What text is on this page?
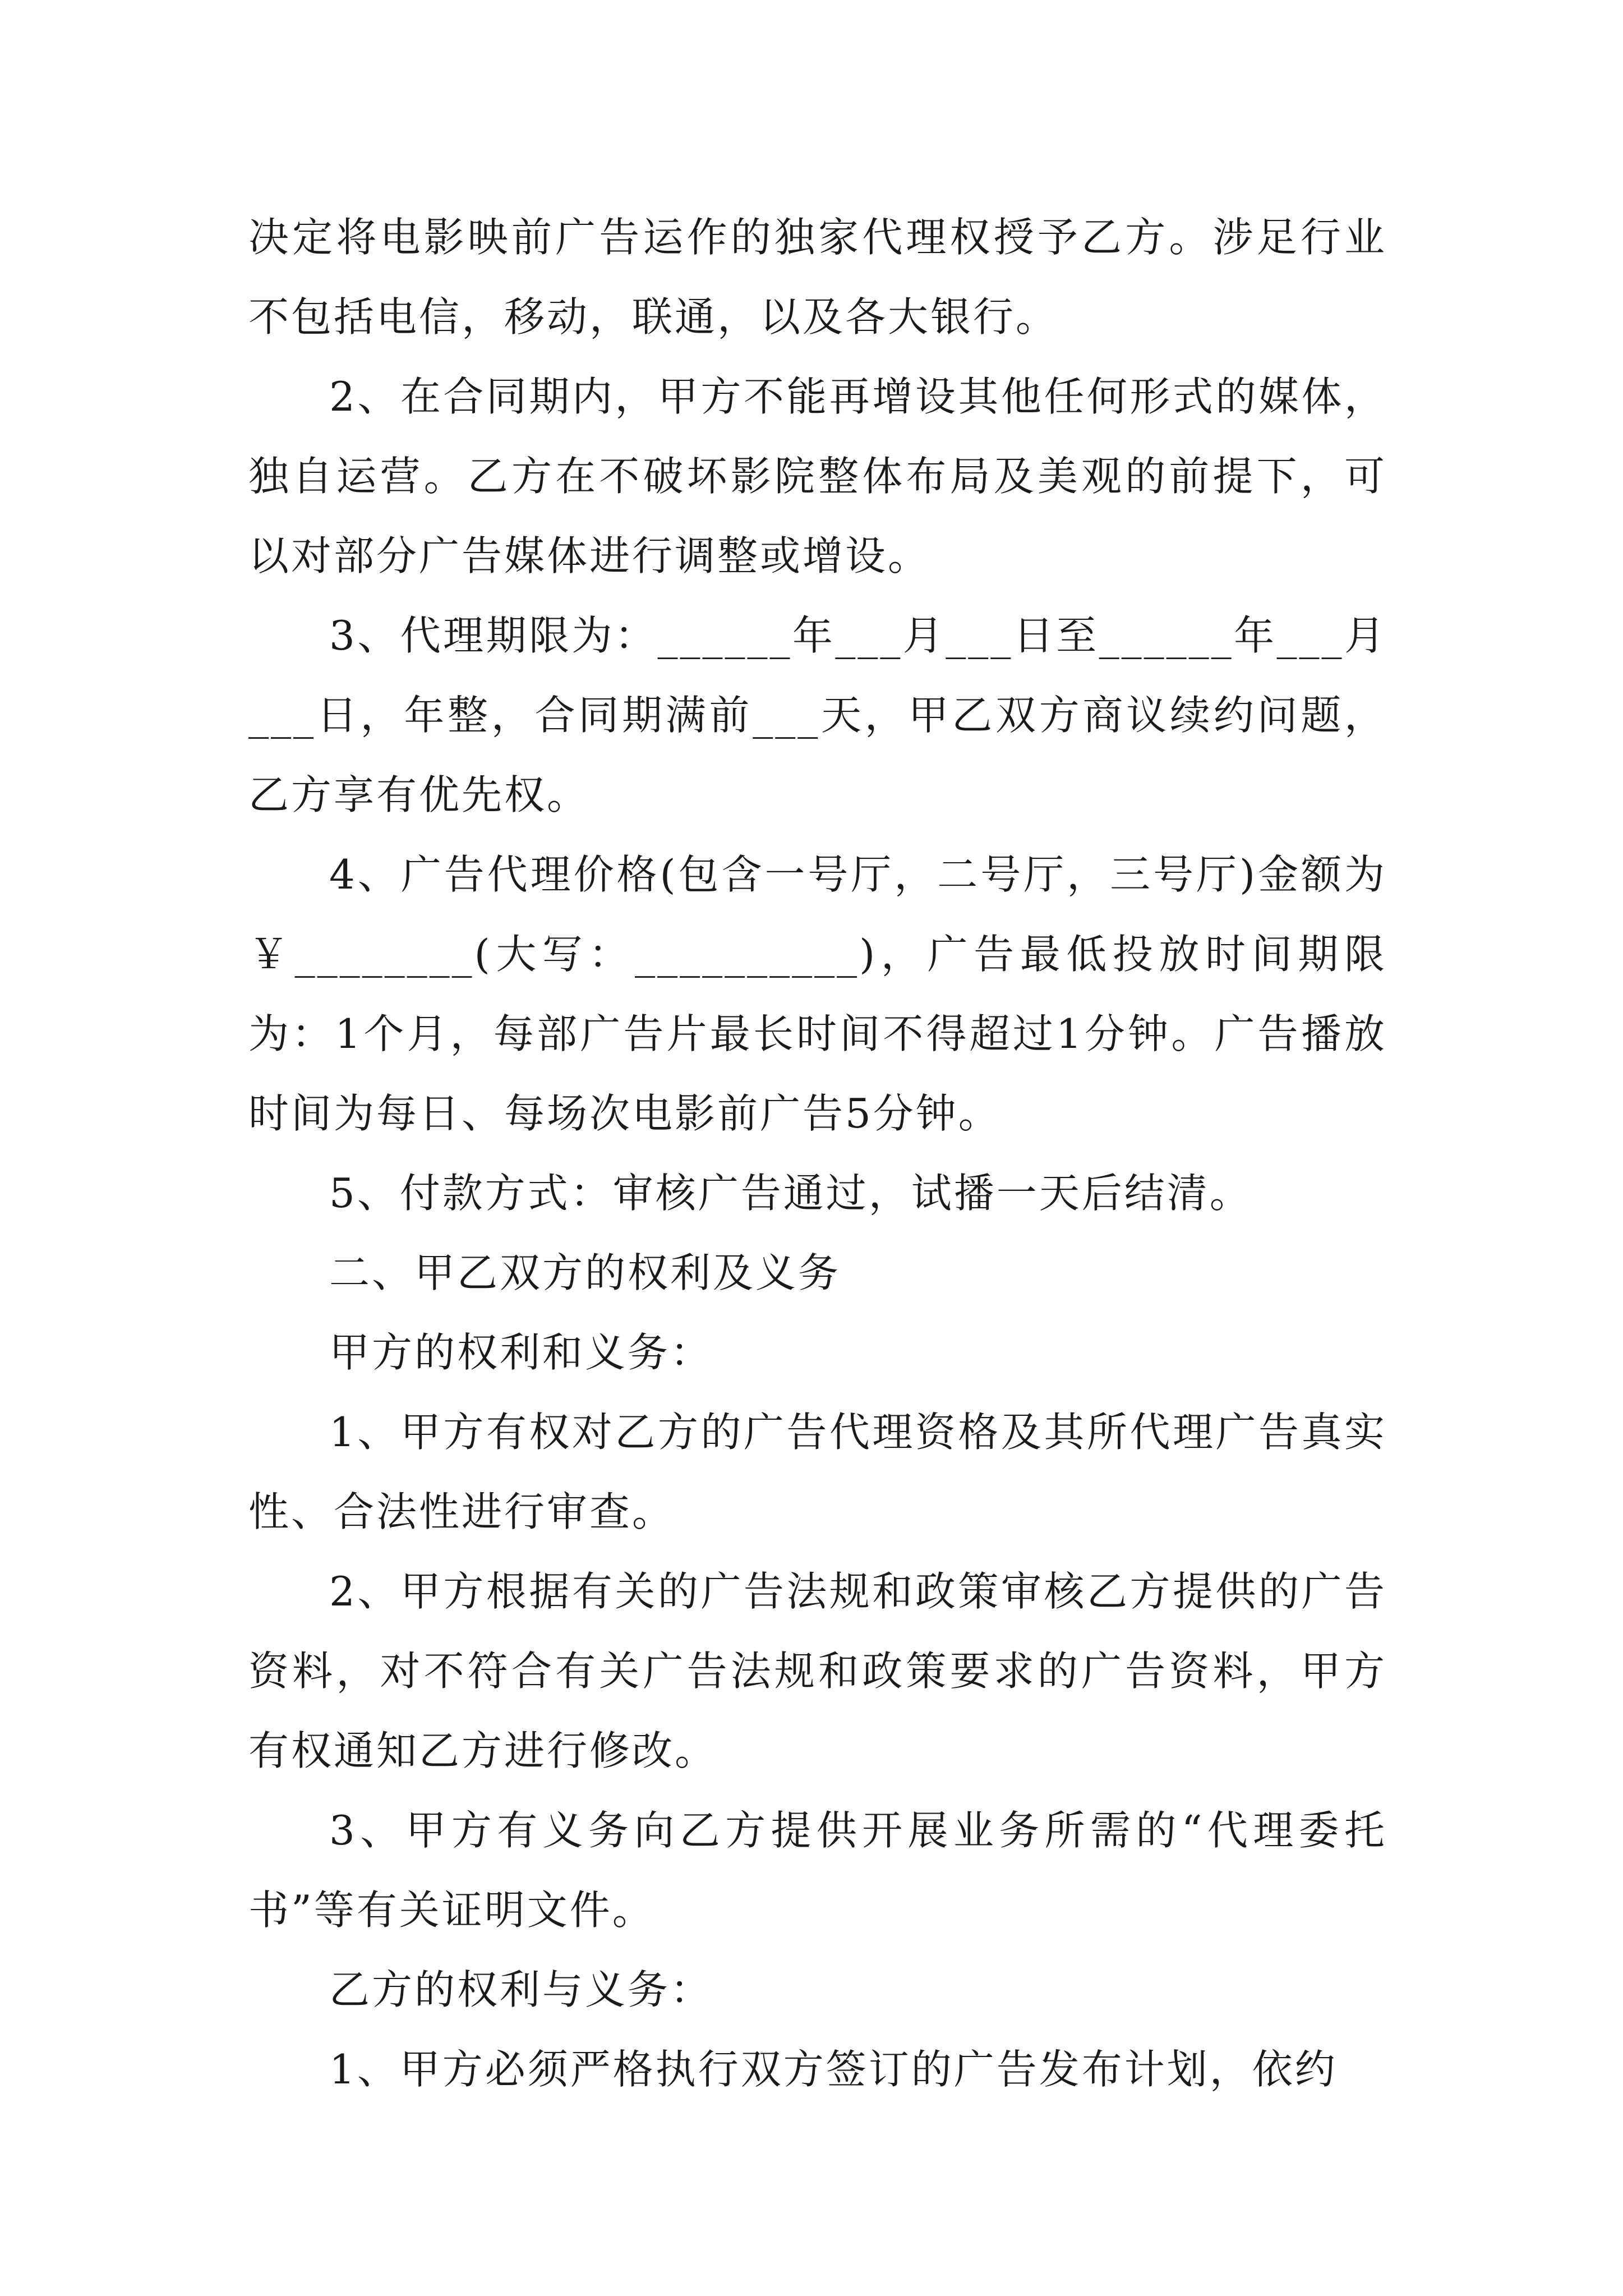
决定将电影映前广告运作的独家代理权授予乙方。涉足行业不包括电信，移动，联通，以及各大银行。

2、在合同期内，甲方不能再增设其他任何形式的媒体，独自运营。乙方在不破坏影院整体布局及美观的前提下，可以对部分广告媒体进行调整或增设。

3、代理期限为：______年___月___日至______年___月___日，年整，合同期满前___天，甲乙双方商议续约问题，乙方享有优先权。

4、广告代理价格(包含一号厅，二号厅，三号厅)金额为￥________(大写：__________)，广告最低投放时间期限为：1个月，每部广告片最长时间不得超过1分钟。广告播放时间为每日、每场次电影前广告5分钟。

5、付款方式：审核广告通过，试播一天后结清。

二、甲乙双方的权利及义务

甲方的权利和义务：

1、甲方有权对乙方的广告代理资格及其所代理广告真实性、合法性进行审查。

2、甲方根据有关的广告法规和政策审核乙方提供的广告资料，对不符合有关广告法规和政策要求的广告资料，甲方有权通知乙方进行修改。

3、甲方有义务向乙方提供开展业务所需的“代理委托书”等有关证明文件。

乙方的权利与义务：

1、甲方必须严格执行双方签订的广告发布计划，依约
